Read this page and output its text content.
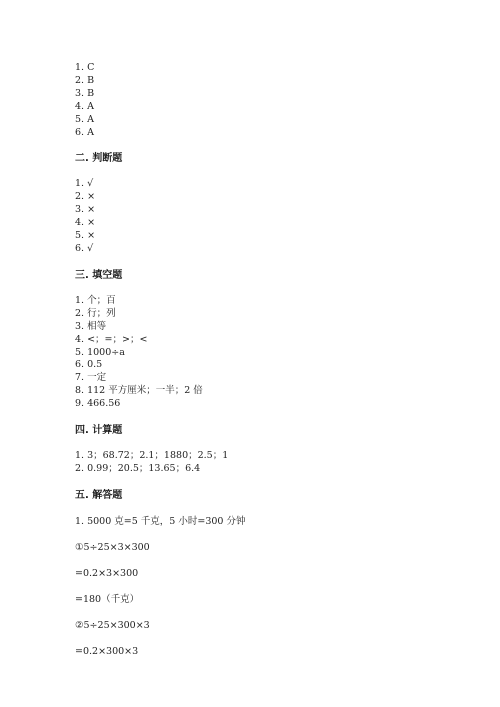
1. C
2. B
3. B
4. A
5. A
6. A
二. 判断题
1. √
2. ×
3. ×
4. ×
5. ×
6. √
三. 填空题
1. 个；百
2. 行；列
3. 相等
4. <；=；>；<
5. 1000÷a
6. 0.5
7. 一定
8. 112 平方厘米；一半；2 倍
9. 466.56
四. 计算题
1. 3；68.72；2.1；1880；2.5；1
2. 0.99；20.5；13.65；6.4
五. 解答题
1. 5000 克=5 千克，5 小时=300 分钟
①5÷25×3×300
=0.2×3×300
=180（千克）
②5÷25×300×3
=0.2×300×3
